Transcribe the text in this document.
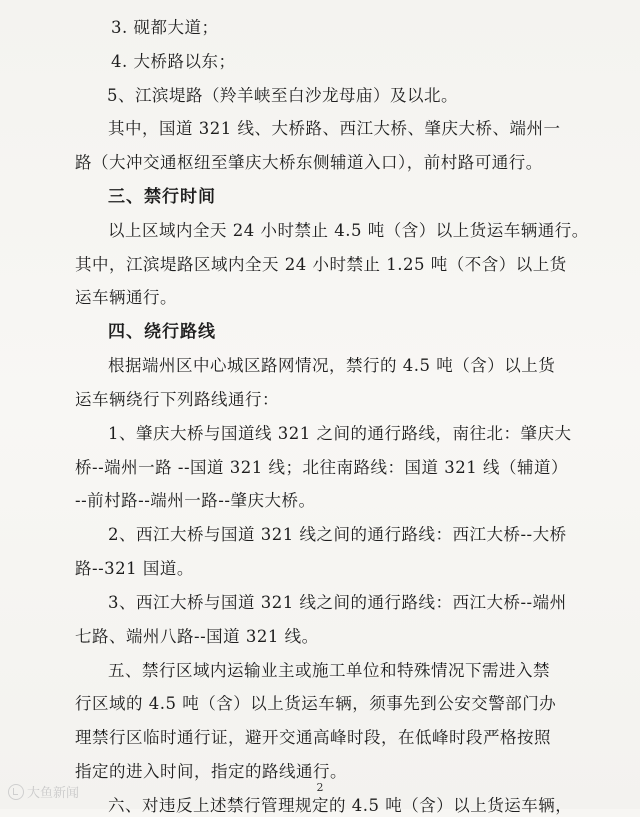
3. 砚都大道；
4. 大桥路以东；
5、江滨堤路（羚羊峡至白沙龙母庙）及以北。
其中，国道 321 线、大桥路、西江大桥、肇庆大桥、端州一
路（大冲交通枢纽至肇庆大桥东侧辅道入口），前村路可通行。
以上区域内全天 24 小时禁止 4.5 吨（含）以上货运车辆通行。
其中，江滨堤路区域内全天 24 小时禁止 1.25 吨（不含）以上货
运车辆通行。
根据端州区中心城区路网情况，禁行的 4.5 吨（含）以上货
运车辆绕行下列路线通行：
1、肇庆大桥与国道线 321 之间的通行路线，南往北：肇庆大
桥--端州一路 --国道 321 线；北往南路线：国道 321 线（辅道）
--前村路--端州一路--肇庆大桥。
2、西江大桥与国道 321 线之间的通行路线：西江大桥--大桥
路--321 国道。
3、西江大桥与国道 321 线之间的通行路线：西江大桥--端州
七路、端州八路--国道 321 线。
五、禁行区域内运输业主或施工单位和特殊情况下需进入禁
行区域的 4.5 吨（含）以上货运车辆，须事先到公安交警部门办
理禁行区临时通行证，避开交通高峰时段，在低峰时段严格按照
指定的进入时间，指定的路线通行。
六、对违反上述禁行管理规定的 4.5 吨（含）以上货运车辆，
三、禁行时间
四、绕行路线
2
大鱼新闻
